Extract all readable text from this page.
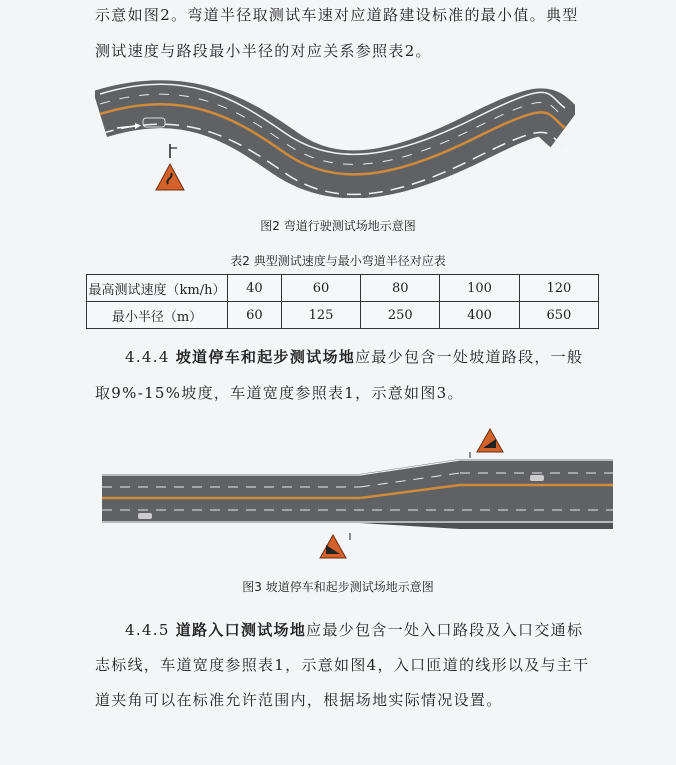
示意如图2。弯道半径取测试车速对应道路建设标准的最小值。典型

测试速度与路段最小半径的对应关系参照表2。

图2 弯道行驶测试场地示意图

表2 典型测试速度与最小弯道半径对应表

最高测试速度（km/h）	40	60	80	100	120
最小半径（m）	60	125	250	400	650

4.4.4 坡道停车和起步测试场地应最少包含一处坡道路段，一般

取9%-15%坡度，车道宽度参照表1，示意如图3。

图3 坡道停车和起步测试场地示意图

4.4.5 道路入口测试场地应最少包含一处入口路段及入口交通标

志标线，车道宽度参照表1，示意如图4，入口匝道的线形以及与主干

道夹角可以在标准允许范围内，根据场地实际情况设置。
